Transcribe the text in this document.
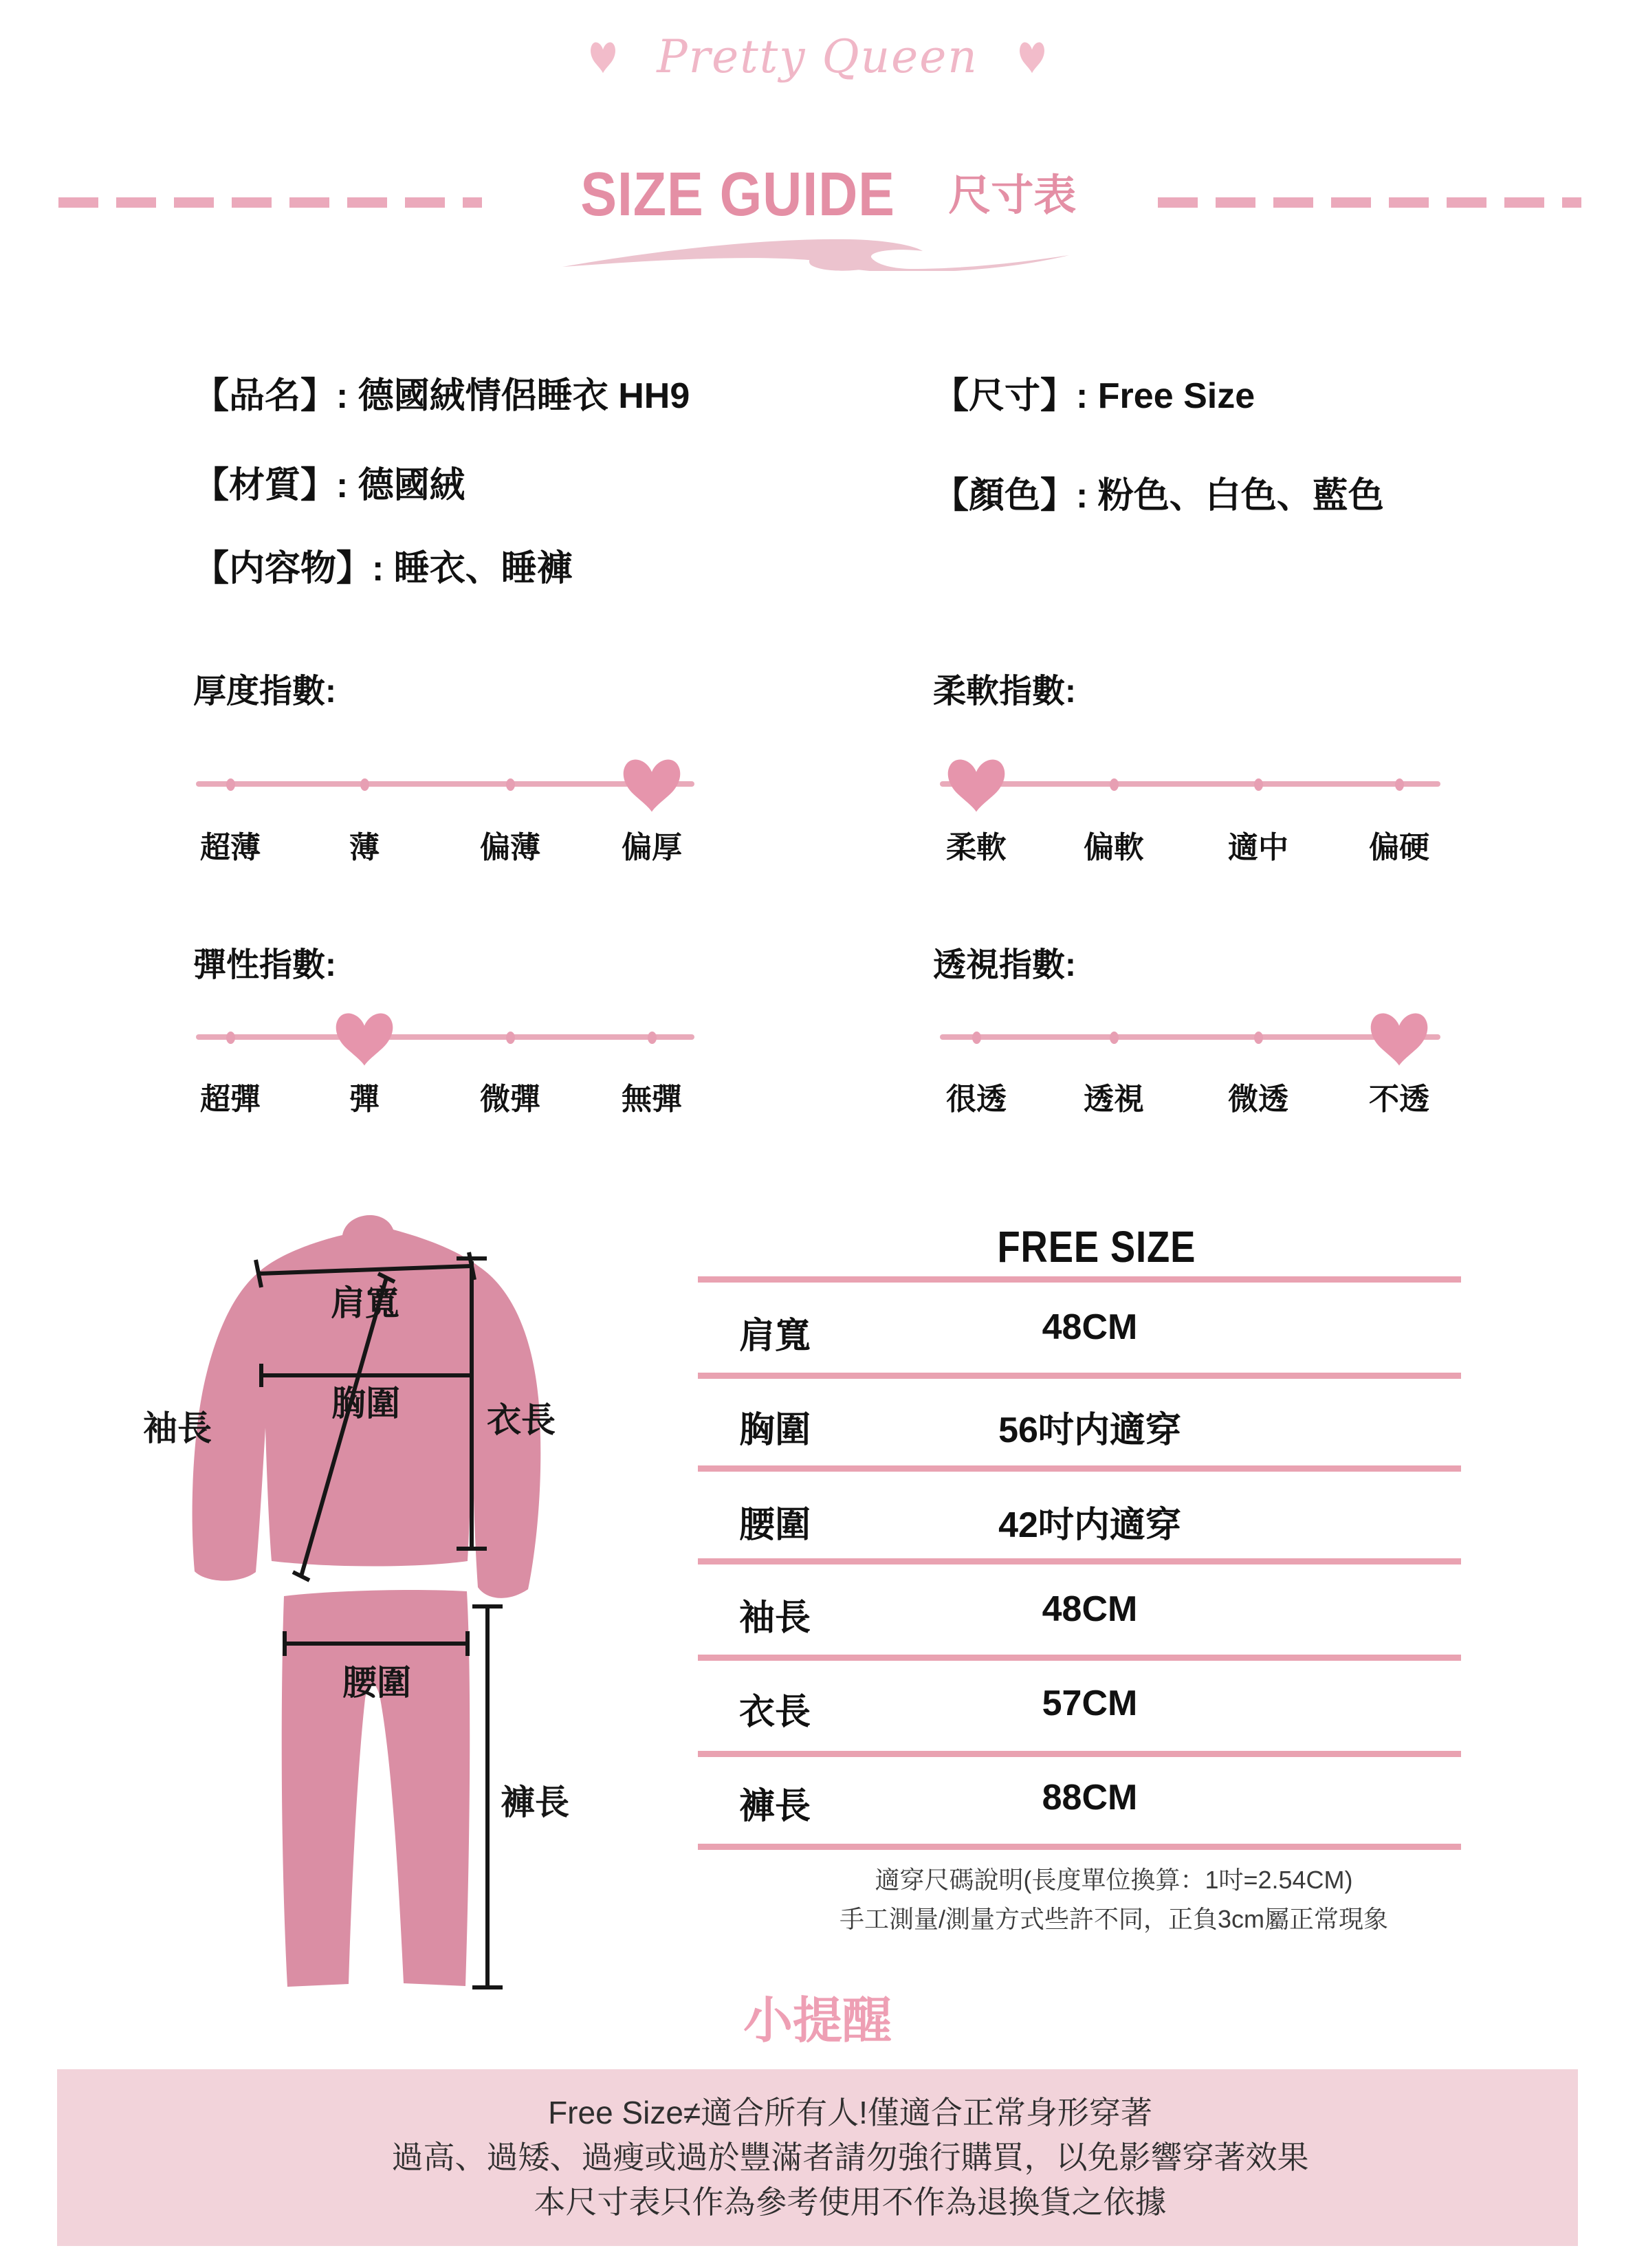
Pretty Queen
SIZE GUIDE 尺寸表
【品名】: 德國絨情侶睡衣 HH9
【材質】: 德國絨
【内容物】: 睡衣、睡褲
【尺寸】: Free Size
【顏色】: 粉色、白色、藍色
厚度指數:
超薄	薄	偏薄	偏厚
柔軟指數:
柔軟	偏軟	適中	偏硬
彈性指數:
超彈	彈	微彈	無彈
透視指數:
很透	透視	微透	不透
肩寬
胸圍	衣長
袖長
腰圍
褲長
FREE SIZE
肩寬	48CM
胸圍	56吋内適穿
腰圍	42吋内適穿
袖長	48CM
衣長	57CM
褲長	88CM
適穿尺碼說明(長度單位換算：1吋=2.54CM)
手工測量/測量方式些許不同，正負3cm屬正常現象
小提醒
Free Size≠適合所有人!僅適合正常身形穿著
過高、過矮、過瘦或過於豐滿者請勿強行購買，以免影響穿著效果
本尺寸表只作為參考使用不作為退換貨之依據
